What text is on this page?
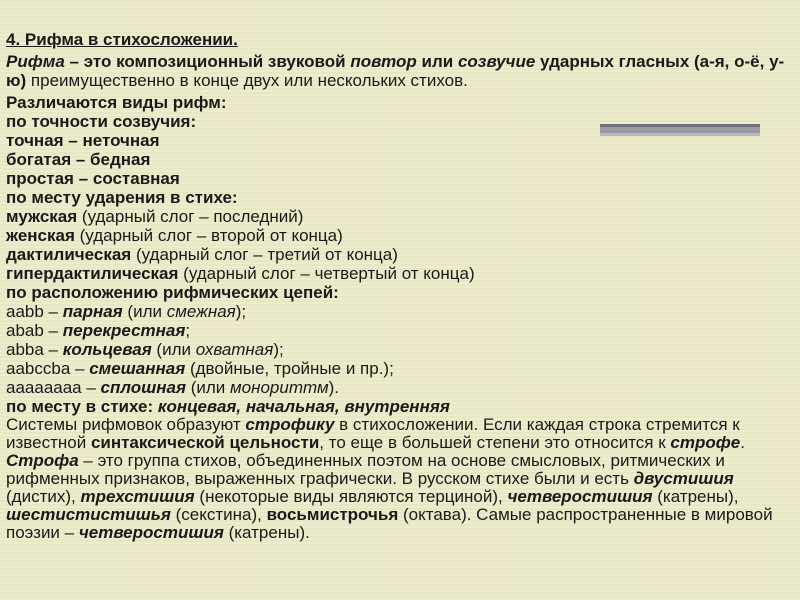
4. Рифма в стихосложении.

Рифма – это композиционный звуковой повтор или созвучие ударных гласных (а-я, о-ё, у-ю) преимущественно в конце двух или нескольких стихов.

Различаются виды рифм:

по точности созвучия:

точная – неточная

богатая – бедная

простая – составная

по месту ударения в стихе:

мужская (ударный слог – последний)

женская (ударный слог – второй от конца)

дактилическая (ударный слог – третий от конца)

гипердактилическая (ударный слог – четвертый от конца)

по расположению рифмических цепей:

aabb – парная (или смежная);

abab – перекрестная;

abba – кольцевая (или охватная);

aabccba – смешанная (двойные, тройные и пр.);

aaaaaaaa – сплошная (или монориттм).

по месту в стихе: концевая, начальная, внутренняя

Системы рифмовок образуют строфику в стихосложении. Если каждая строка стремится к известной синтаксической цельности, то еще в большей степени это относится к строфе. Строфа – это группа стихов, объединенных поэтом на основе смысловых, ритмических и рифменных признаков, выраженных графически. В русском стихе были и есть двустишия (дистих), трехстишия (некоторые виды являются терциной), четверостишия (катрены), шестистистишья (секстина), восьмистрочья (октава). Самые распространенные в мировой поэзии – четверостишия (катрены).
